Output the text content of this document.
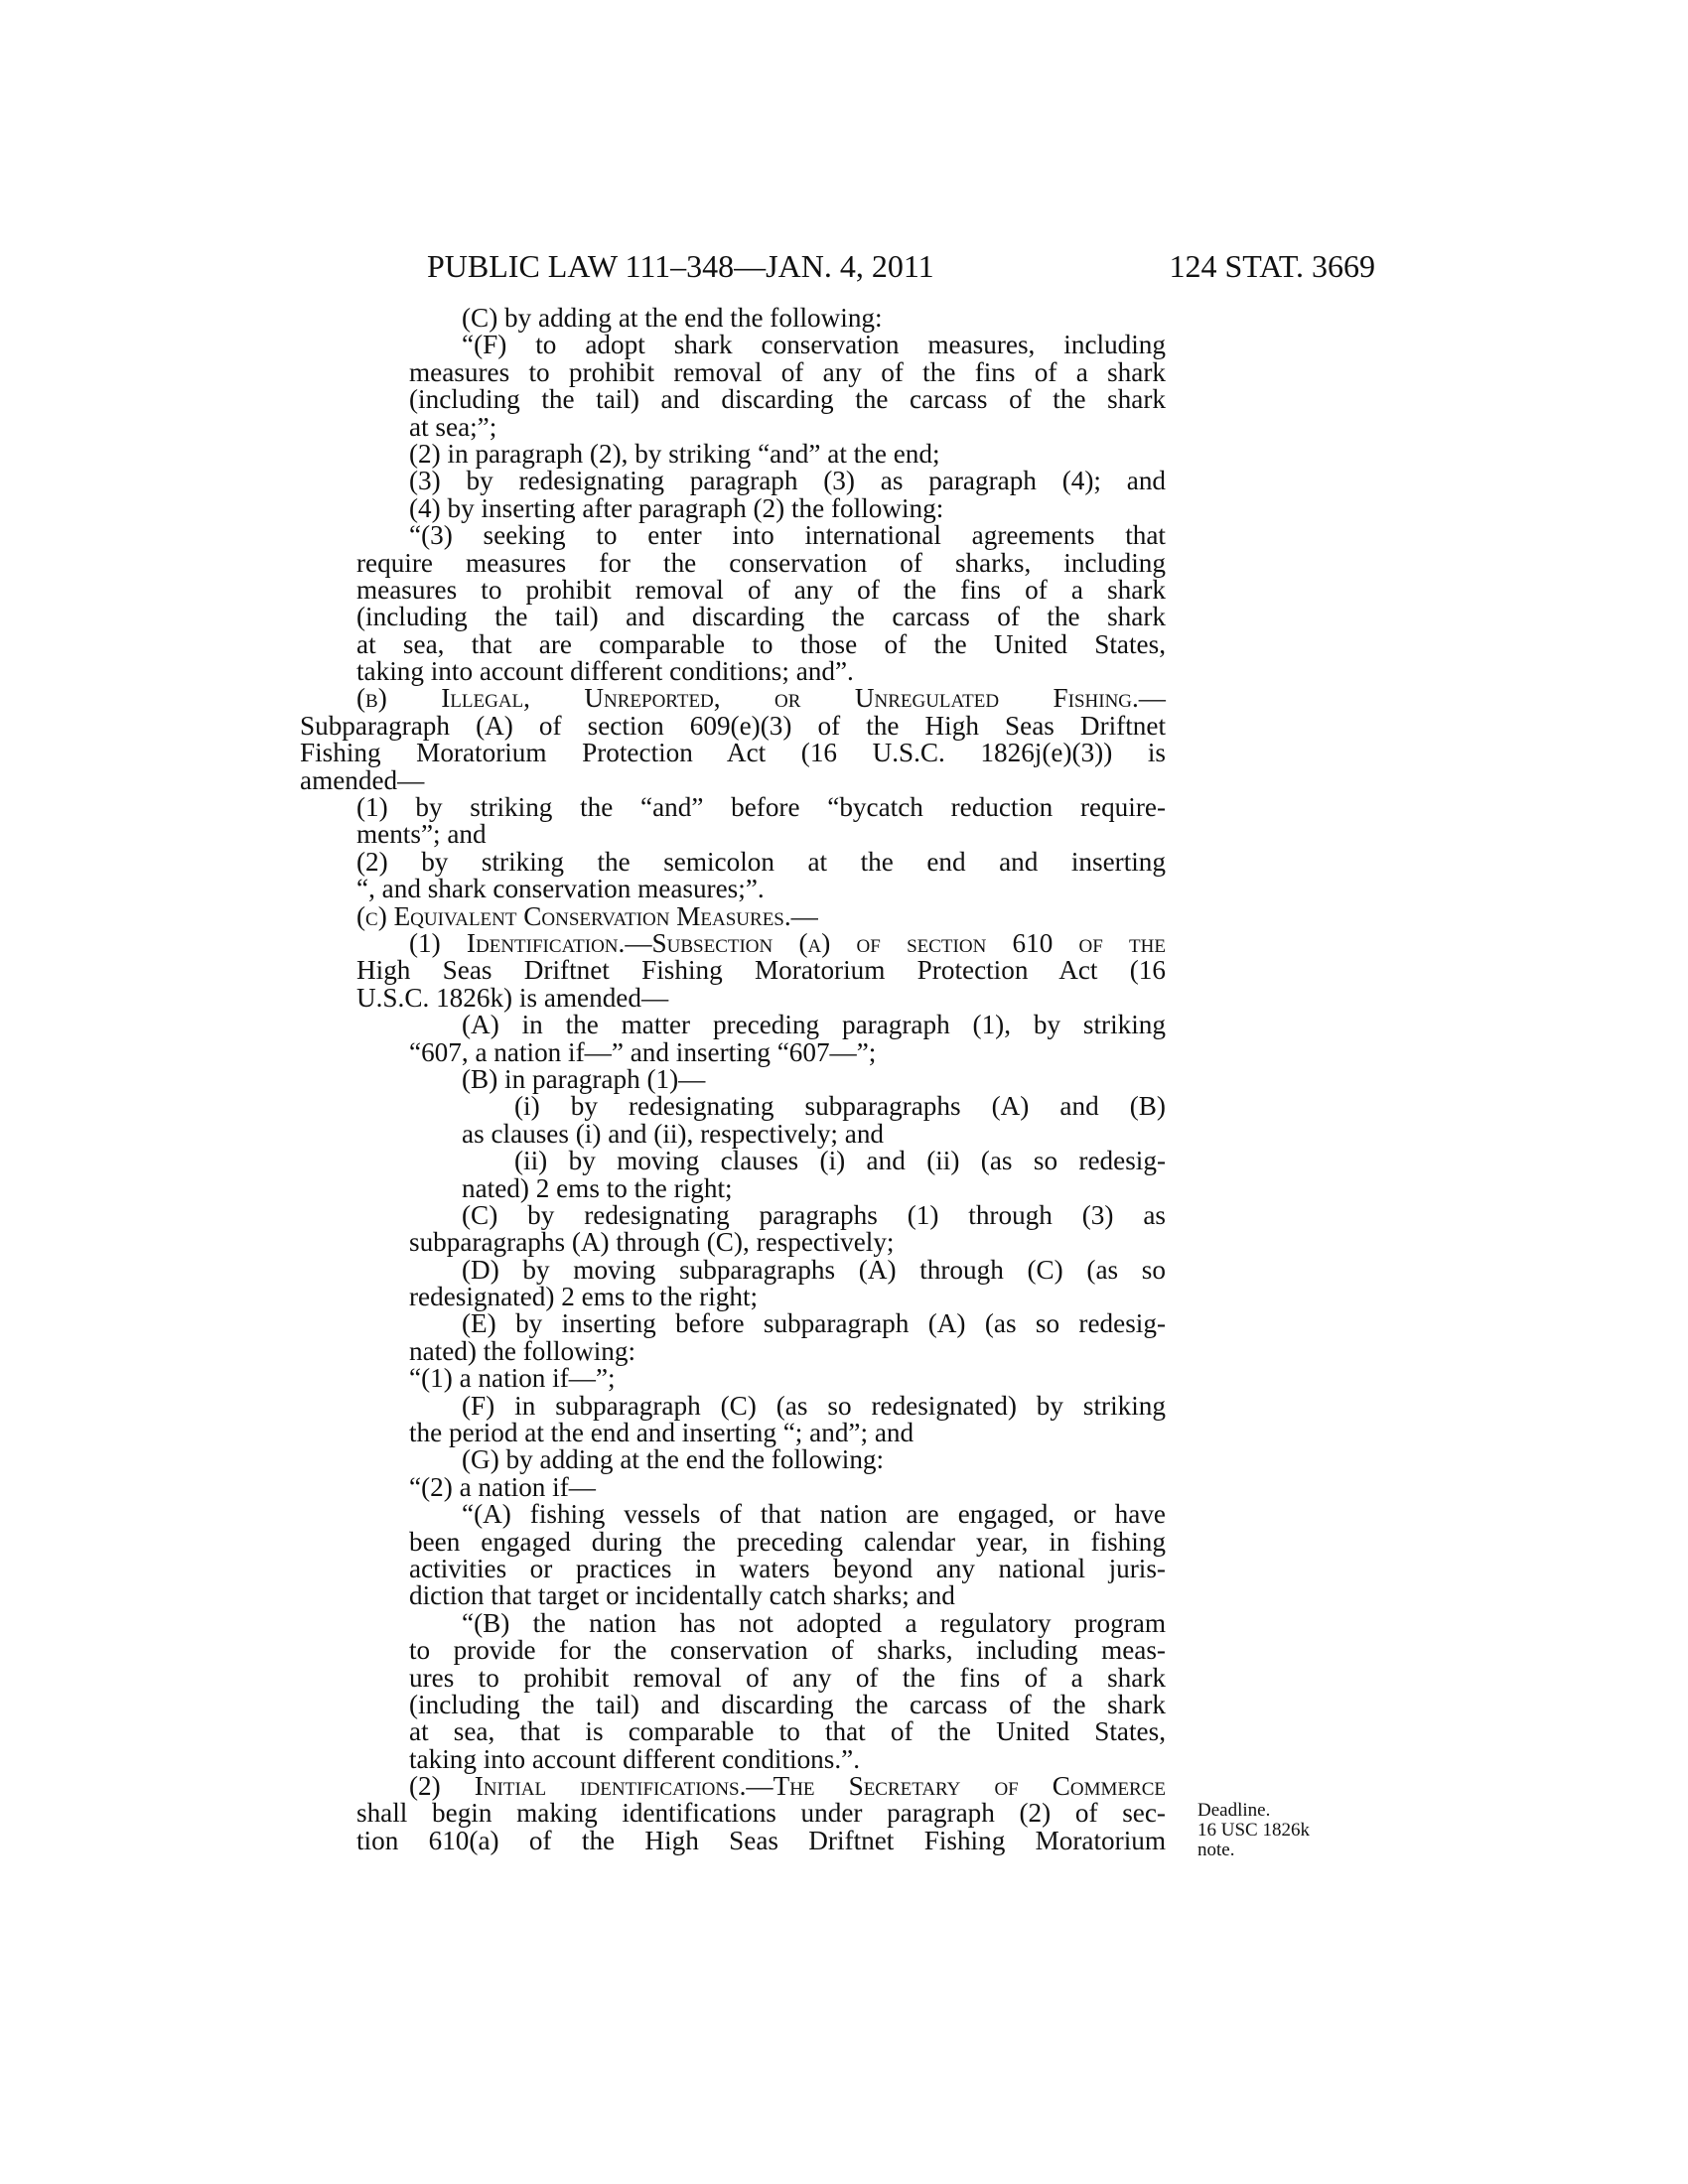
PUBLIC LAW 111–348—JAN. 4, 2011	124 STAT. 3669
(C) by adding at the end the following:
“(F) to adopt shark conservation measures, including
measures to prohibit removal of any of the fins of a shark
(including the tail) and discarding the carcass of the shark
at sea;”;
(2) in paragraph (2), by striking “and” at the end;
(3) by redesignating paragraph (3) as paragraph (4); and
(4) by inserting after paragraph (2) the following:
“(3) seeking to enter into international agreements that
require measures for the conservation of sharks, including
measures to prohibit removal of any of the fins of a shark
(including the tail) and discarding the carcass of the shark
at sea, that are comparable to those of the United States,
taking into account different conditions; and”.
(b) Illegal, Unreported, or Unregulated Fishing.—
Subparagraph (A) of section 609(e)(3) of the High Seas Driftnet
Fishing Moratorium Protection Act (16 U.S.C. 1826j(e)(3)) is
amended—
(1) by striking the “and” before “bycatch reduction require-
ments”; and
(2) by striking the semicolon at the end and inserting
“, and shark conservation measures;”.
(c) Equivalent Conservation Measures.—
(1) Identification.—Subsection (a) of section 610 of the
High Seas Driftnet Fishing Moratorium Protection Act (16
U.S.C. 1826k) is amended—
(A) in the matter preceding paragraph (1), by striking
“607, a nation if—” and inserting “607—”;
(B) in paragraph (1)—
(i) by redesignating subparagraphs (A) and (B)
as clauses (i) and (ii), respectively; and
(ii) by moving clauses (i) and (ii) (as so redesig-
nated) 2 ems to the right;
(C) by redesignating paragraphs (1) through (3) as
subparagraphs (A) through (C), respectively;
(D) by moving subparagraphs (A) through (C) (as so
redesignated) 2 ems to the right;
(E) by inserting before subparagraph (A) (as so redesig-
nated) the following:
“(1) a nation if—”;
(F) in subparagraph (C) (as so redesignated) by striking
the period at the end and inserting “; and”; and
(G) by adding at the end the following:
“(2) a nation if—
“(A) fishing vessels of that nation are engaged, or have
been engaged during the preceding calendar year, in fishing
activities or practices in waters beyond any national juris-
diction that target or incidentally catch sharks; and
“(B) the nation has not adopted a regulatory program
to provide for the conservation of sharks, including meas-
ures to prohibit removal of any of the fins of a shark
(including the tail) and discarding the carcass of the shark
at sea, that is comparable to that of the United States,
taking into account different conditions.”.
(2) Initial identifications.—The Secretary of Commerce
shall begin making identifications under paragraph (2) of sec-
tion 610(a) of the High Seas Driftnet Fishing Moratorium
Deadline.
16 USC 1826k
note.
